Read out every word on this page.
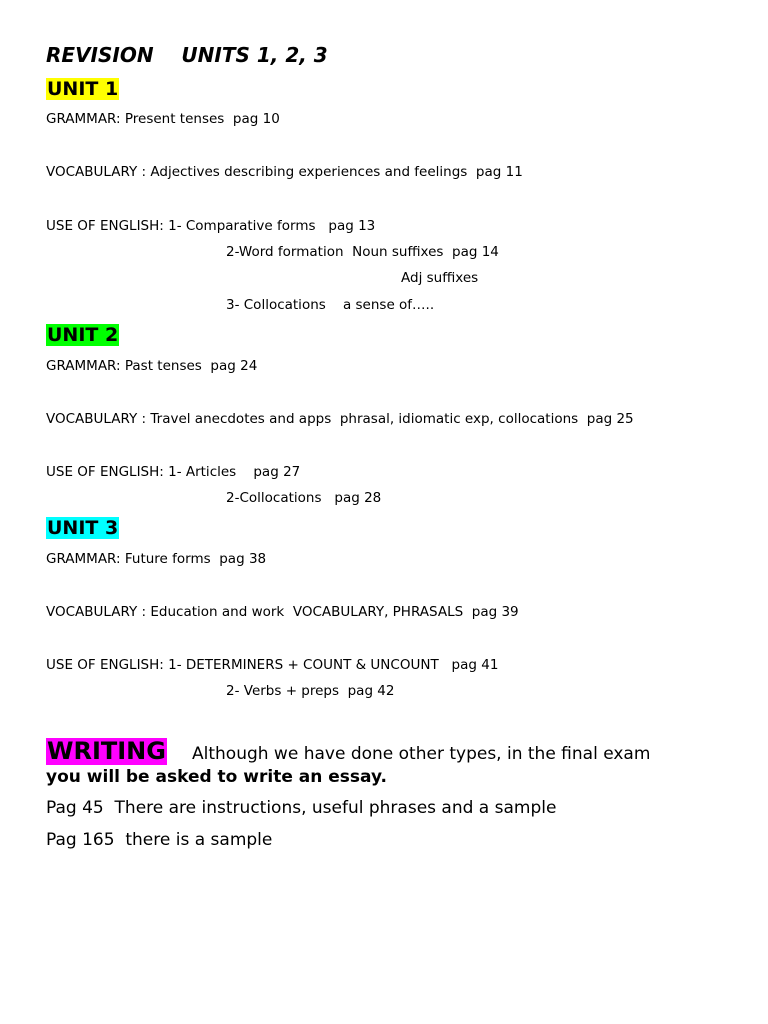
REVISION    UNITS 1, 2, 3
UNIT 1
GRAMMAR: Present tenses  pag 10
VOCABULARY : Adjectives describing experiences and feelings  pag 11
USE OF ENGLISH: 1- Comparative forms   pag 13
2-Word formation  Noun suffixes  pag 14
Adj suffixes
3- Collocations    a sense of…..
UNIT 2
GRAMMAR: Past tenses  pag 24
VOCABULARY : Travel anecdotes and apps  phrasal, idiomatic exp, collocations  pag 25
USE OF ENGLISH: 1- Articles    pag 27
2-Collocations   pag 28
UNIT 3
GRAMMAR: Future forms  pag 38
VOCABULARY : Education and work  VOCABULARY, PHRASALS  pag 39
USE OF ENGLISH: 1- DETERMINERS + COUNT & UNCOUNT   pag 41
2- Verbs + preps  pag 42
WRITING Although we have done other types, in the final exam
you will be asked to write an essay.
Pag 45  There are instructions, useful phrases and a sample
Pag 165  there is a sample
